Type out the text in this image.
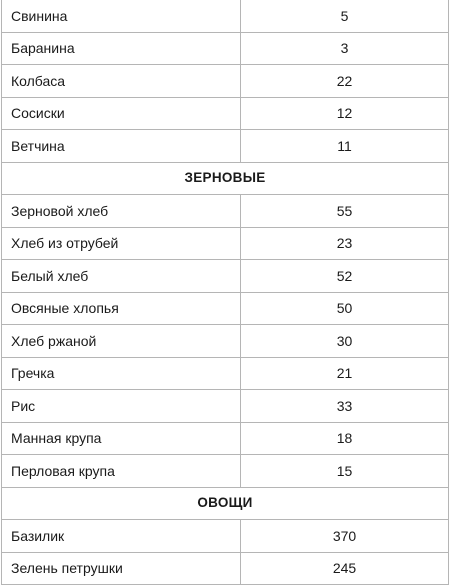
Свинина	5
Баранина	3
Колбаса	22
Сосиски	12
Ветчина	11
ЗЕРНОВЫЕ	
Зерновой хлеб	55
Хлеб из отрубей	23
Белый хлеб	52
Овсяные хлопья	50
Хлеб ржаной	30
Гречка	21
Рис	33
Манная крупа	18
Перловая крупа	15
ОВОЩИ	
Базилик	370
Зелень петрушки	245
